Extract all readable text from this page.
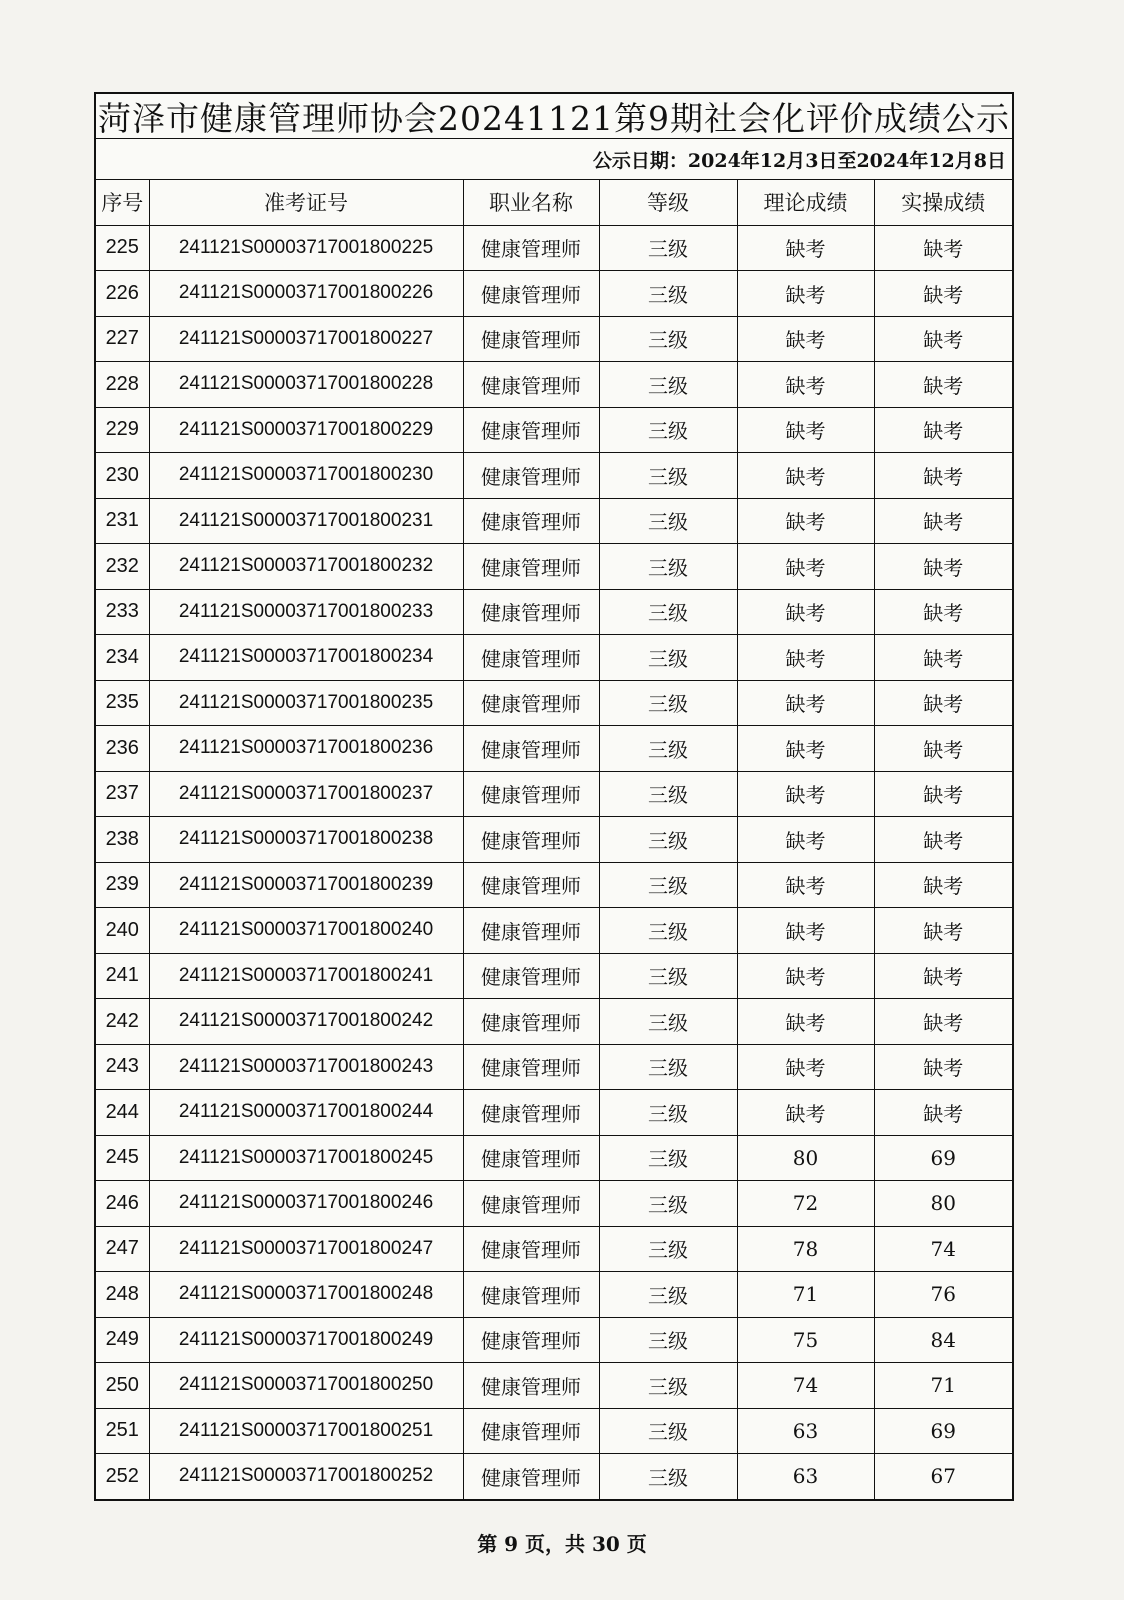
菏泽市健康管理师协会20241121第9期社会化评价成绩公示
公示日期：2024年12月3日至2024年12月8日
序号	准考证号	职业名称	等级	理论成绩	实操成绩
225	241121S00003717001800225	健康管理师	三级	缺考	缺考
226	241121S00003717001800226	健康管理师	三级	缺考	缺考
227	241121S00003717001800227	健康管理师	三级	缺考	缺考
228	241121S00003717001800228	健康管理师	三级	缺考	缺考
229	241121S00003717001800229	健康管理师	三级	缺考	缺考
230	241121S00003717001800230	健康管理师	三级	缺考	缺考
231	241121S00003717001800231	健康管理师	三级	缺考	缺考
232	241121S00003717001800232	健康管理师	三级	缺考	缺考
233	241121S00003717001800233	健康管理师	三级	缺考	缺考
234	241121S00003717001800234	健康管理师	三级	缺考	缺考
235	241121S00003717001800235	健康管理师	三级	缺考	缺考
236	241121S00003717001800236	健康管理师	三级	缺考	缺考
237	241121S00003717001800237	健康管理师	三级	缺考	缺考
238	241121S00003717001800238	健康管理师	三级	缺考	缺考
239	241121S00003717001800239	健康管理师	三级	缺考	缺考
240	241121S00003717001800240	健康管理师	三级	缺考	缺考
241	241121S00003717001800241	健康管理师	三级	缺考	缺考
242	241121S00003717001800242	健康管理师	三级	缺考	缺考
243	241121S00003717001800243	健康管理师	三级	缺考	缺考
244	241121S00003717001800244	健康管理师	三级	缺考	缺考
245	241121S00003717001800245	健康管理师	三级	80	69
246	241121S00003717001800246	健康管理师	三级	72	80
247	241121S00003717001800247	健康管理师	三级	78	74
248	241121S00003717001800248	健康管理师	三级	71	76
249	241121S00003717001800249	健康管理师	三级	75	84
250	241121S00003717001800250	健康管理师	三级	74	71
251	241121S00003717001800251	健康管理师	三级	63	69
252	241121S00003717001800252	健康管理师	三级	63	67
第 9 页，共 30 页
